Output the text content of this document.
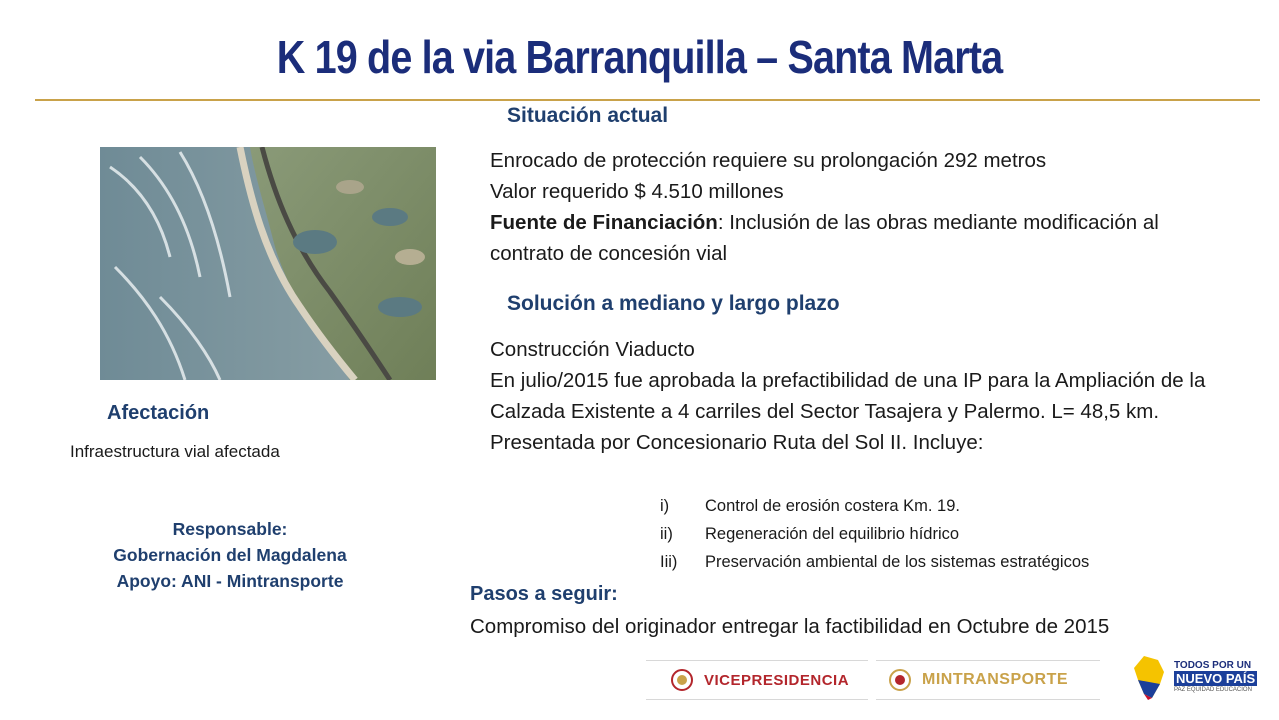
K 19 de la via Barranquilla – Santa Marta
Situación actual
Enrocado de protección requiere su prolongación 292 metros
Valor requerido $ 4.510 millones
Fuente de Financiación: Inclusión de las obras mediante modificación al contrato de concesión vial
Solución a mediano y largo plazo
Construcción Viaducto
En julio/2015 fue aprobada la prefactibilidad de una IP para la Ampliación de la Calzada Existente a 4 carriles del Sector Tasajera y Palermo. L= 48,5 km. Presentada por Concesionario Ruta del Sol II. Incluye:
i)	Control de erosión costera Km. 19.
ii)	Regeneración del equilibrio hídrico
Iii)	Preservación ambiental de los sistemas estratégicos
Pasos a seguir:
Compromiso del originador entregar la factibilidad en Octubre de 2015
Afectación
Infraestructura vial afectada
Responsable:
Gobernación del Magdalena
Apoyo: ANI - Mintransporte
VICEPRESIDENCIA	MINTRANSPORTE
TODOS POR UN
NUEVO PAÍS
PAZ EQUIDAD EDUCACIÓN
